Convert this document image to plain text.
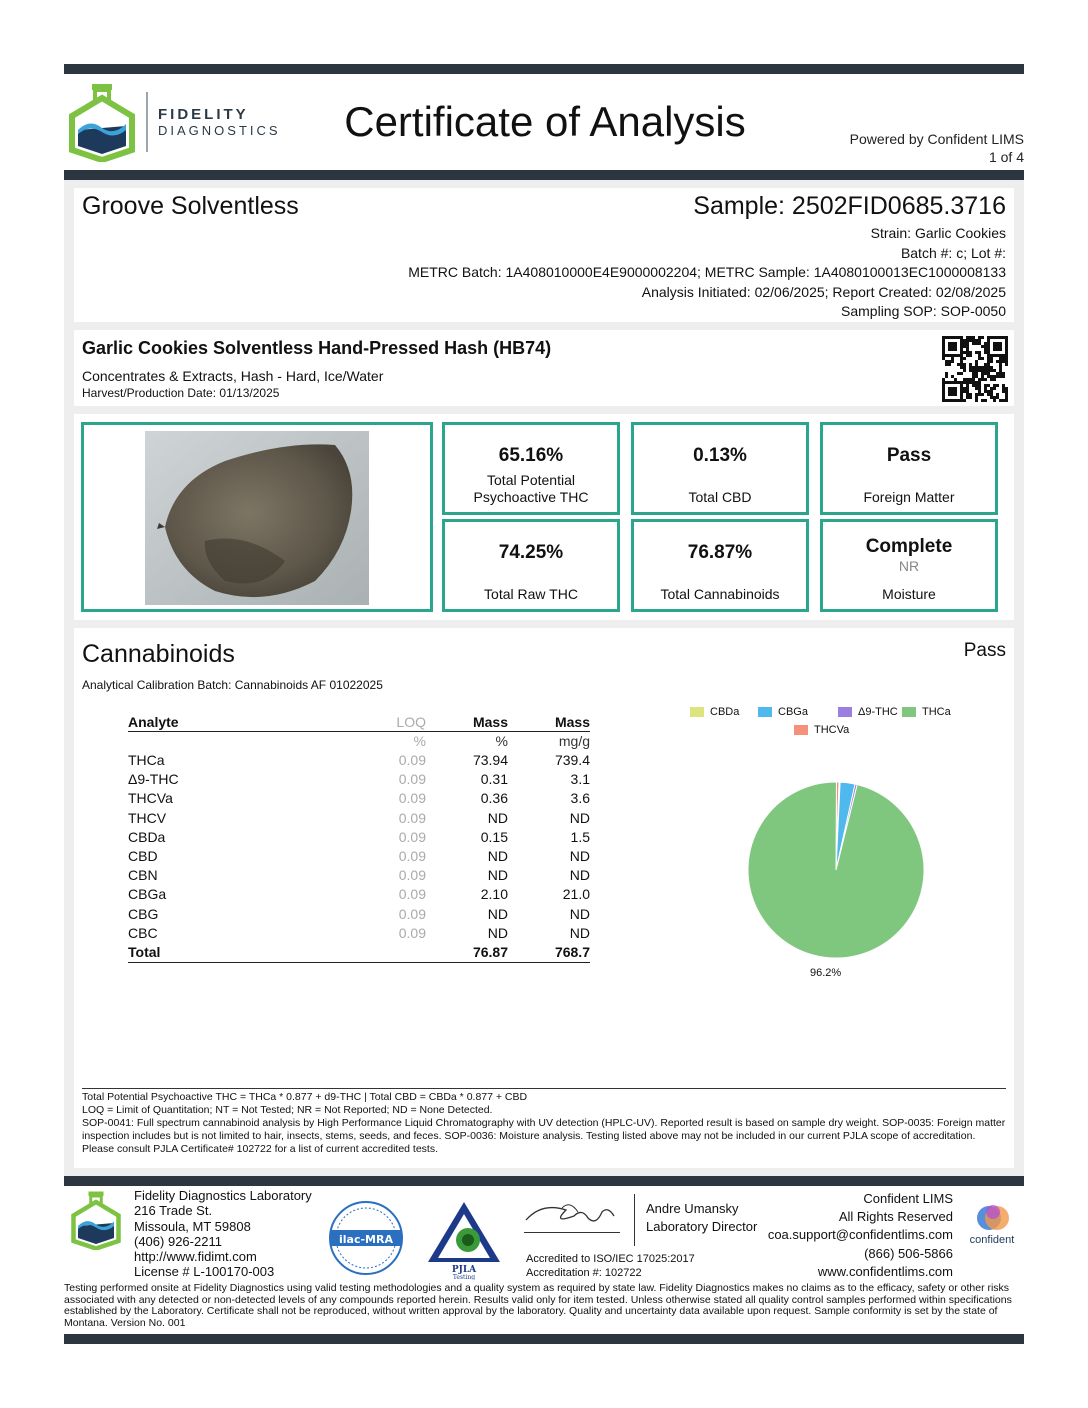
FIDELITY
DIAGNOSTICS	Certificate of Analysis	Powered by Confident LIMS
1 of 4
Groove Solventless	Sample: 2502FID0685.3716
Strain: Garlic Cookies
Batch #: c; Lot #:
METRC Batch: 1A408010000E4E9000002204; METRC Sample: 1A4080100013EC1000008133
Analysis Initiated: 02/06/2025; Report Created: 02/08/2025
Sampling SOP: SOP-0050
Garlic Cookies Solventless Hand-Pressed Hash (HB74)
Concentrates & Extracts, Hash - Hard, Ice/Water
Harvest/Production Date: 01/13/2025
65.16%
Total Potential Psychoactive THC
0.13%
Total CBD
Pass
Foreign Matter
74.25%
Total Raw THC
76.87%
Total Cannabinoids
Complete
NR
Moisture
Cannabinoids	Pass
Analytical Calibration Batch: Cannabinoids AF 01022025
Analyte	LOQ	Mass	Mass
	%	%	mg/g
THCa	0.09	73.94	739.4
Δ9-THC	0.09	0.31	3.1
THCVa	0.09	0.36	3.6
THCV	0.09	ND	ND
CBDa	0.09	0.15	1.5
CBD	0.09	ND	ND
CBN	0.09	ND	ND
CBGa	0.09	2.10	21.0
CBG	0.09	ND	ND
CBC	0.09	ND	ND
Total		76.87	768.7
CBDa	CBGa	Δ9-THC THCa
THCVa
96.2%
Total Potential Psychoactive THC = THCa * 0.877 + d9-THC | Total CBD = CBDa * 0.877 + CBD
LOQ = Limit of Quantitation; NT = Not Tested; NR = Not Reported; ND = None Detected.
SOP-0041: Full spectrum cannabinoid analysis by High Performance Liquid Chromatography with UV detection (HPLC-UV). Reported result is based on sample dry weight. SOP-0035: Foreign matter inspection includes but is not limited to hair, insects, stems, seeds, and feces. SOP-0036: Moisture analysis. Testing listed above may not be included in our current PJLA scope of accreditation. Please consult PJLA Certificate# 102722 for a list of current accredited tests.
Fidelity Diagnostics Laboratory
216 Trade St.
Missoula, MT 59808
(406) 926-2211
http://www.fidimt.com
License # L-100170-003
ilac-MRA
PJLA
Testing
Andre Umansky
Laboratory Director
Accredited to ISO/IEC 17025:2017
Accreditation #: 102722
Confident LIMS
All Rights Reserved
coa.support@confidentlims.com
(866) 506-5866
www.confidentlims.com
confident
Testing performed onsite at Fidelity Diagnostics using valid testing methodologies and a quality system as required by state law. Fidelity Diagnostics makes no claims as to the efficacy, safety or other risks associated with any detected or non-detected levels of any compounds reported herein. Results valid only for item tested. Unless otherwise stated all quality control samples performed within specifications established by the Laboratory. Certificate shall not be reproduced, without written approval by the laboratory. Quality and uncertainty data available upon request. Sample conformity is set by the state of Montana. Version No. 001
